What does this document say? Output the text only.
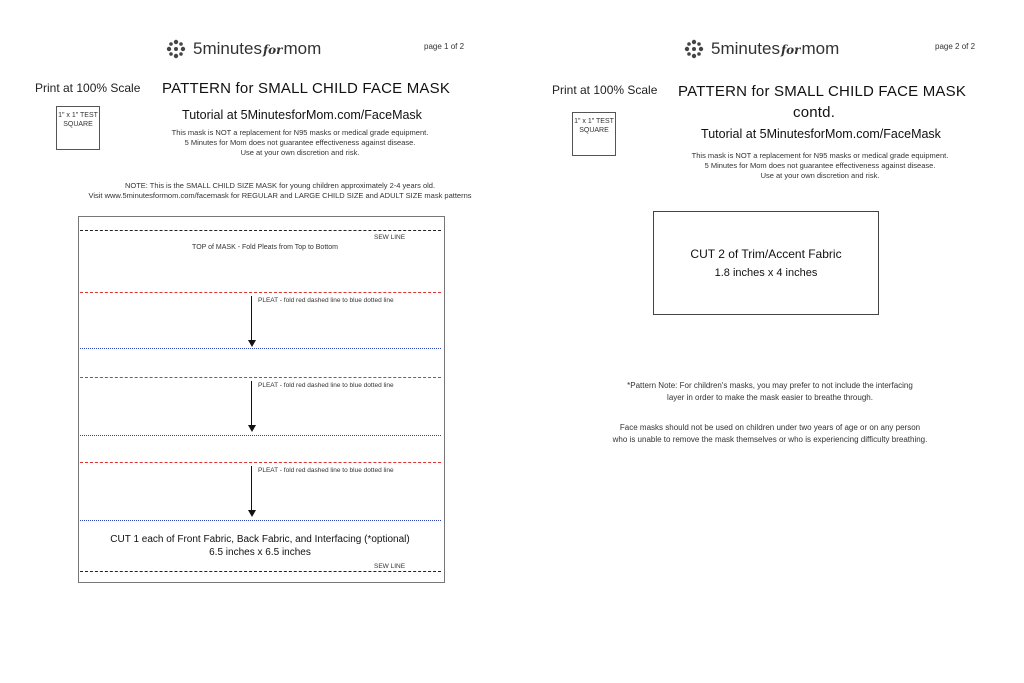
5minutesformom	page 1 of 2
Print at 100% Scale PATTERN for SMALL CHILD FACE MASK
1" x 1" TEST SQUARE
Tutorial at 5MinutesforMom.com/FaceMask
This mask is NOT a replacement for N95 masks or medical grade equipment.
5 Minutes for Mom does not guarantee effectiveness against disease.
Use at your own discretion and risk.
NOTE: This is the SMALL CHILD SIZE MASK for young children approximately 2-4 years old.
Visit www.5minutesformom.com/facemask for REGULAR and LARGE CHILD SIZE and ADULT SIZE mask patterns
SEW LINE
TOP of MASK - Fold Pleats from Top to Bottom
PLEAT - fold red dashed line to blue dotted line
PLEAT - fold red dashed line to blue dotted line
PLEAT - fold red dashed line to blue dotted line
CUT 1 each of Front Fabric, Back Fabric, and Interfacing (*optional)
6.5 inches x 6.5 inches
SEW LINE
5minutesformom	page 2 of 2
Print at 100% Scale PATTERN for SMALL CHILD FACE MASK
contd.
1" x 1" TEST SQUARE	Tutorial at 5MinutesforMom.com/FaceMask
This mask is NOT a replacement for N95 masks or medical grade equipment.
5 Minutes for Mom does not guarantee effectiveness against disease.
Use at your own discretion and risk.
CUT 2 of Trim/Accent Fabric
1.8 inches x 4 inches
*Pattern Note: For children's masks, you may prefer to not include the interfacing
layer in order to make the mask easier to breathe through.
Face masks should not be used on children under two years of age or on any person
who is unable to remove the mask themselves or who is experiencing difficulty breathing.
